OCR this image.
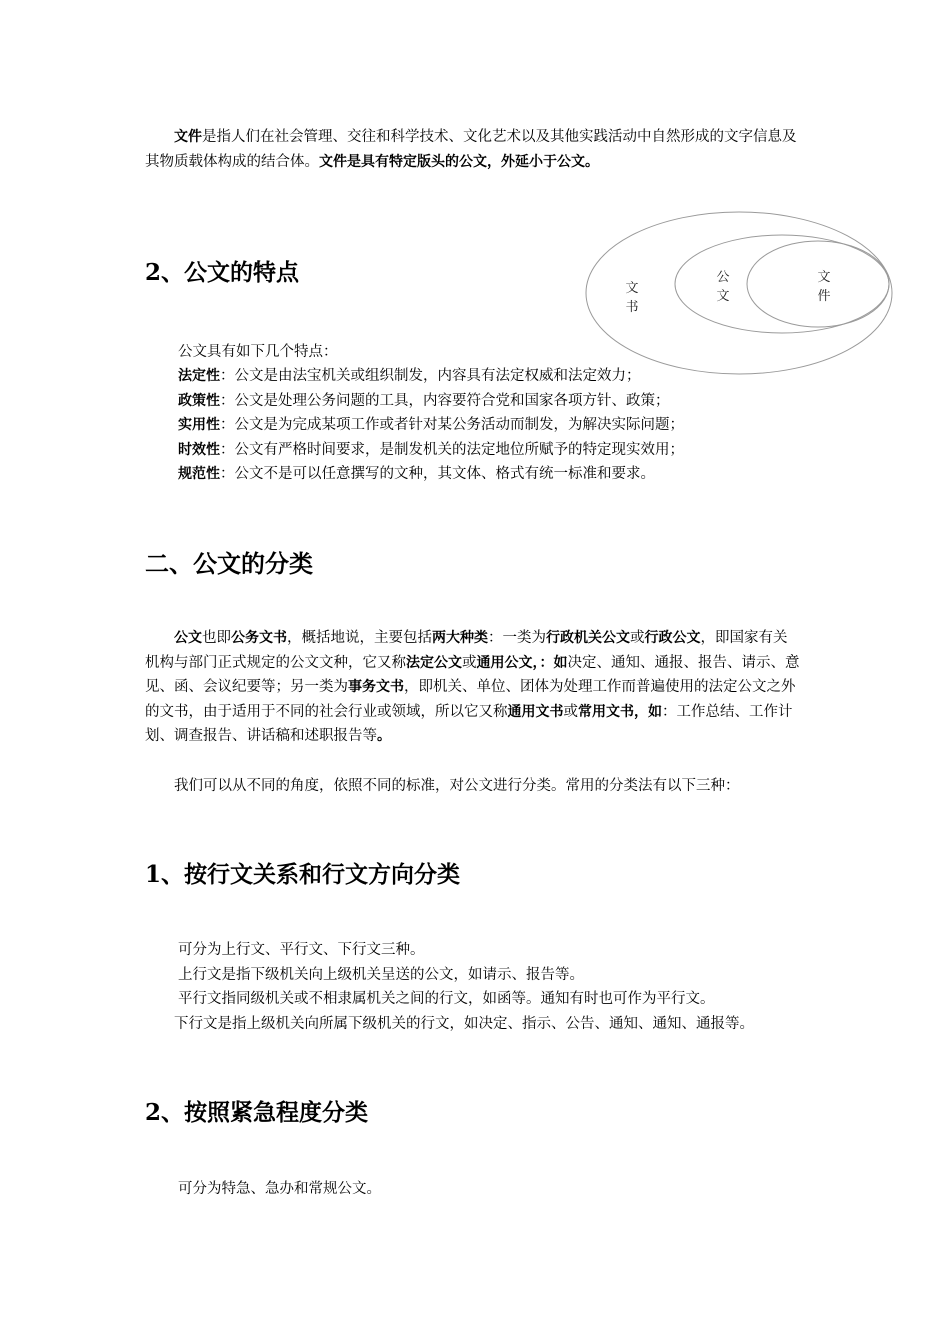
文件是指人们在社会管理、交往和科学技术、文化艺术以及其他实践活动中自然形成的文字信息及其物质载体构成的结合体。文件是具有特定版头的公文，外延小于公文。

2、公文的特点
文
书
公
文
文
件

公文具有如下几个特点：

法定性：公文是由法宝机关或组织制发，内容具有法定权威和法定效力；

政策性：公文是处理公务问题的工具，内容要符合党和国家各项方针、政策；

实用性：公文是为完成某项工作或者针对某公务活动而制发，为解决实际问题；

时效性：公文有严格时间要求，是制发机关的法定地位所赋予的特定现实效用；

规范性：公文不是可以任意撰写的文种，其文体、格式有统一标准和要求。

二、公文的分类

公文也即公务文书，概括地说，主要包括两大种类：一类为行政机关公文或行政公文，即国家有关机构与部门正式规定的公文文种，它又称法定公文或通用公文，：如决定、通知、通报、报告、请示、意见、函、会议纪要等；另一类为事务文书，即机关、单位、团体为处理工作而普遍使用的法定公文之外的文书，由于适用于不同的社会行业或领域，所以它又称通用文书或常用文书，如：工作总结、工作计划、调查报告、讲话稿和述职报告等。

我们可以从不同的角度，依照不同的标准，对公文进行分类。常用的分类法有以下三种：

1、按行文关系和行文方向分类

可分为上行文、平行文、下行文三种。

上行文是指下级机关向上级机关呈送的公文，如请示、报告等。

平行文指同级机关或不相隶属机关之间的行文，如函等。通知有时也可作为平行文。

下行文是指上级机关向所属下级机关的行文，如决定、指示、公告、通知、通知、通报等。

2、按照紧急程度分类

可分为特急、急办和常规公文。
